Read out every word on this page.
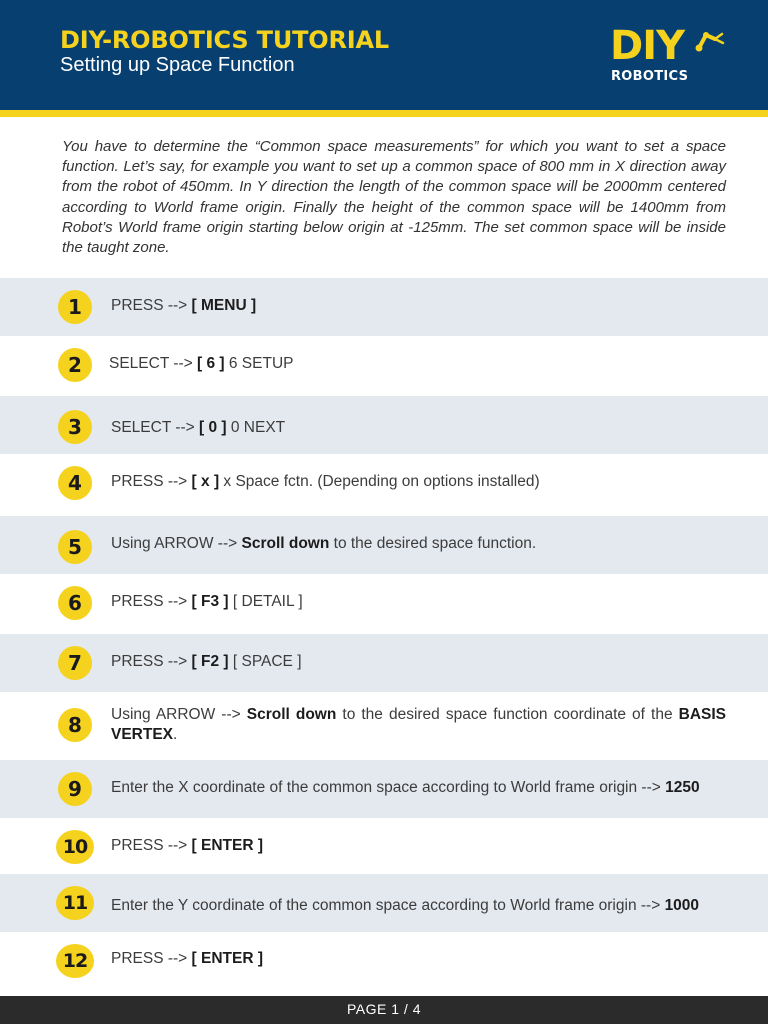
DIY-ROBOTICS TUTORIAL
Setting up Space Function	DIY
ROBOTICS

You have to determine the “Common space measurements” for which you want to set a space function. Let’s say, for example you want to set up a common space of 800 mm in X direction away from the robot of 450mm. In Y direction the length of the common space will be 2000mm centered according to World frame origin. Finally the height of the common space will be 1400mm from Robot’s World frame origin starting below origin at -125mm. The set common space will be inside the taught zone.

1	PRESS --> [ MENU ]
2	SELECT --> [ 6 ] 6 SETUP
3	SELECT --> [ 0 ] 0 NEXT
4	PRESS --> [ x ] x Space fctn. (Depending on options installed)
5	Using ARROW --> Scroll down to the desired space function.
6	PRESS --> [ F3 ] [ DETAIL ]
7	PRESS --> [ F2 ] [ SPACE ]
8	Using ARROW --> Scroll down to the desired space function coordinate of the BASIS VERTEX.
9	Enter the X coordinate of the common space according to World frame origin --> 1250
10	PRESS --> [ ENTER ]
11	Enter the Y coordinate of the common space according to World frame origin --> 1000
12	PRESS --> [ ENTER ]
PAGE 1 / 4
